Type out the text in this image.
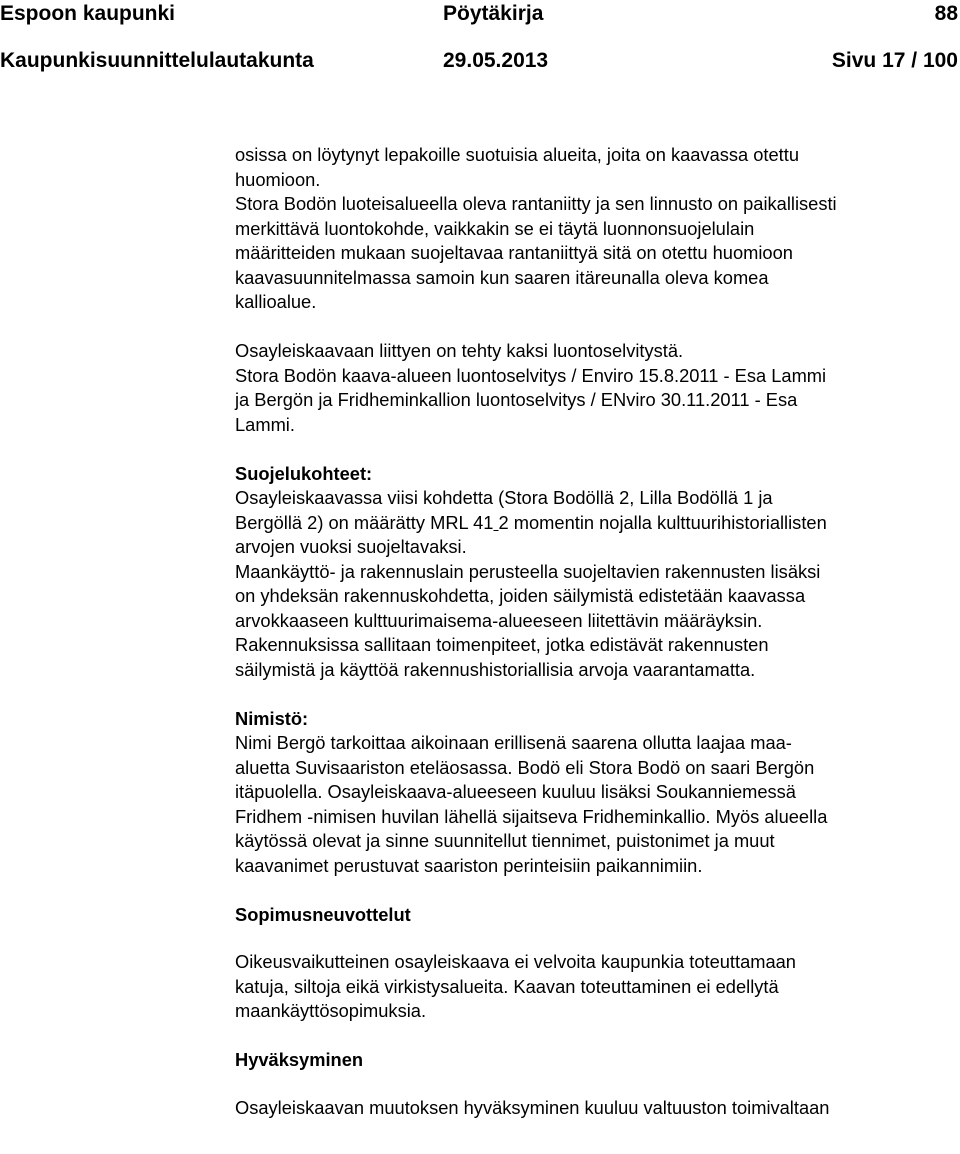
Espoon kaupunki	Pöytäkirja	88
Kaupunkisuunnittelulautakunta	29.05.2013	Sivu 17 / 100
osissa on löytynyt lepakoille suotuisia alueita, joita on kaavassa otettu
huomioon.
Stora Bodön luoteisalueella oleva rantaniitty ja sen linnusto on paikallisesti
merkittävä luontokohde, vaikkakin se ei täytä luonnonsuojelulain
määritteiden mukaan suojeltavaa rantaniittyä sitä on otettu huomioon
kaavasuunnitelmassa samoin kun saaren itäreunalla oleva komea
kallioalue.
Osayleiskaavaan liittyen on tehty kaksi luontoselvitystä.
Stora Bodön kaava-alueen luontoselvitys / Enviro 15.8.2011 - Esa Lammi
ja Bergön ja Fridheminkallion luontoselvitys / ENviro 30.11.2011 - Esa
Lammi.
Suojelukohteet:
Osayleiskaavassa viisi kohdetta (Stora Bodöllä 2, Lilla Bodöllä 1 ja
Bergöllä 2) on määrätty MRL 41 2 momentin nojalla kulttuurihistoriallisten
arvojen vuoksi suojeltavaksi.
Maankäyttö- ja rakennuslain perusteella suojeltavien rakennusten lisäksi
on yhdeksän rakennuskohdetta, joiden säilymistä edistetään kaavassa
arvokkaaseen kulttuurimaisema-alueeseen liitettävin määräyksin.
Rakennuksissa sallitaan toimenpiteet, jotka edistävät rakennusten
säilymistä ja käyttöä rakennushistoriallisia arvoja vaarantamatta.
Nimistö:
Nimi Bergö tarkoittaa aikoinaan erillisenä saarena ollutta laajaa maa-
aluetta Suvisaariston eteläosassa. Bodö eli Stora Bodö on saari Bergön
itäpuolella. Osayleiskaava-alueeseen kuuluu lisäksi Soukanniemessä
Fridhem -nimisen huvilan lähellä sijaitseva Fridheminkallio. Myös alueella
käytössä olevat ja sinne suunnitellut tiennimet, puistonimet ja muut
kaavanimet perustuvat saariston perinteisiin paikannimiin.
Sopimusneuvottelut
Oikeusvaikutteinen osayleiskaava ei velvoita kaupunkia toteuttamaan
katuja, siltoja eikä virkistysalueita. Kaavan toteuttaminen ei edellytä
maankäyttösopimuksia.
Hyväksyminen
Osayleiskaavan muutoksen hyväksyminen kuuluu valtuuston toimivaltaan
